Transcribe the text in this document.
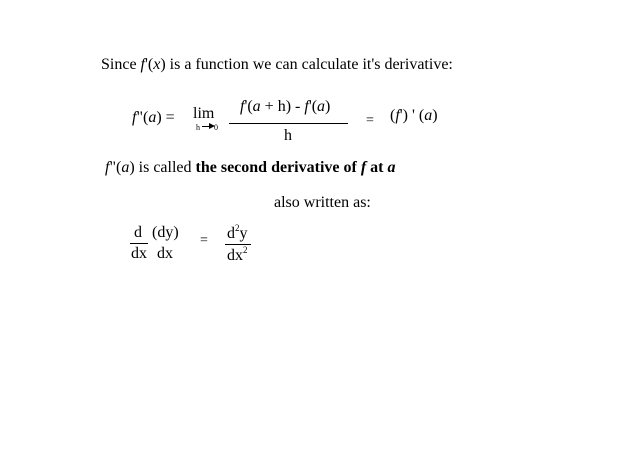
Since f'(x) is a function we can calculate it's derivative:
f"(a) = lim
h 0
f'(a + h) - f'(a)
h
= (f') ' (a)
f"(a) is called the second derivative of f at a
also written as:
d (dy)
dx dx
= $d^2y$
$dx^2$
